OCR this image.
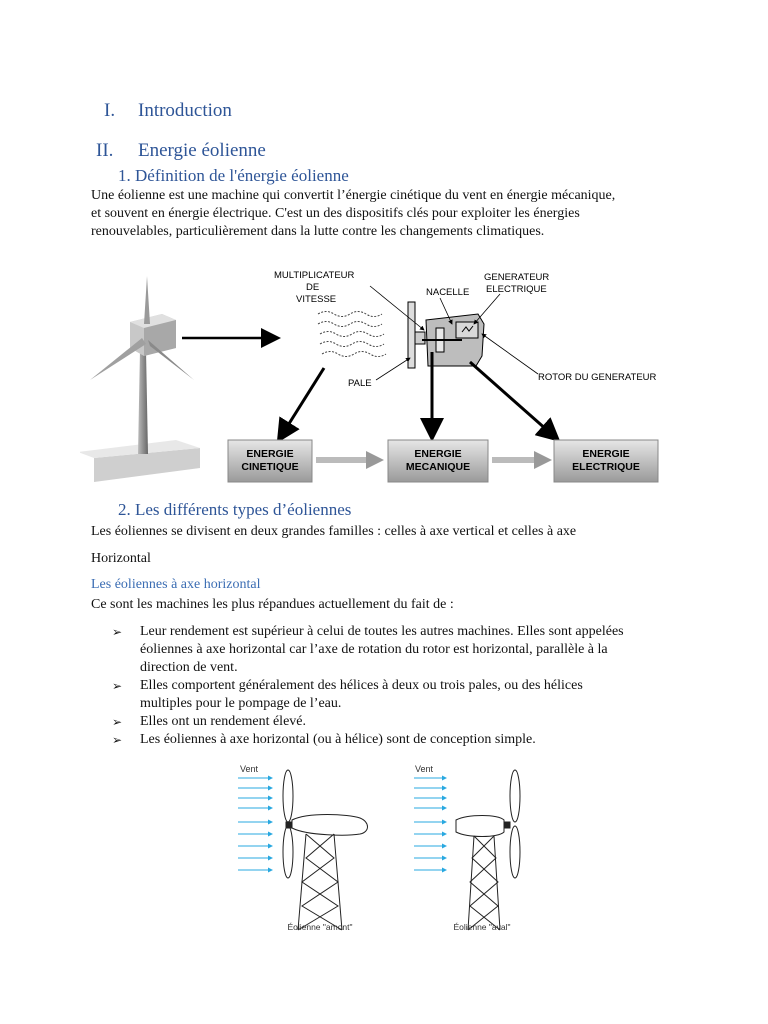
I. Introduction
II. Energie éolienne
1. Définition de l'énergie éolienne
Une éolienne est une machine qui convertit l’énergie cinétique du vent en énergie mécanique,
et souvent en énergie électrique. C'est un des dispositifs clés pour exploiter les énergies
renouvelables, particulièrement dans la lutte contre les changements climatiques.
MULTIPLICATEUR
DE
VITESSE
NACELLE
GENERATEUR
ELECTRIQUE
ROTOR DU GENERATEUR
PALE
ENERGIE
CINETIQUE
ENERGIE
MECANIQUE
ENERGIE
ELECTRIQUE
2. Les différents types d’éoliennes
Les éoliennes se divisent en deux grandes familles : celles à axe vertical et celles à axe
Horizontal
Les éoliennes à axe horizontal
Ce sont les machines les plus répandues actuellement du fait de :
➢ Leur rendement est supérieur à celui de toutes les autres machines. Elles sont appelées
éoliennes à axe horizontal car l’axe de rotation du rotor est horizontal, parallèle à la
direction de vent.
➢ Elles comportent généralement des hélices à deux ou trois pales, ou des hélices
multiples pour le pompage de l’eau.
➢ Elles ont un rendement élevé.
➢ Les éoliennes à axe horizontal (ou à hélice) sont de conception simple.
Vent	Vent
Éolienne "amont"	Éolienne "aval"
